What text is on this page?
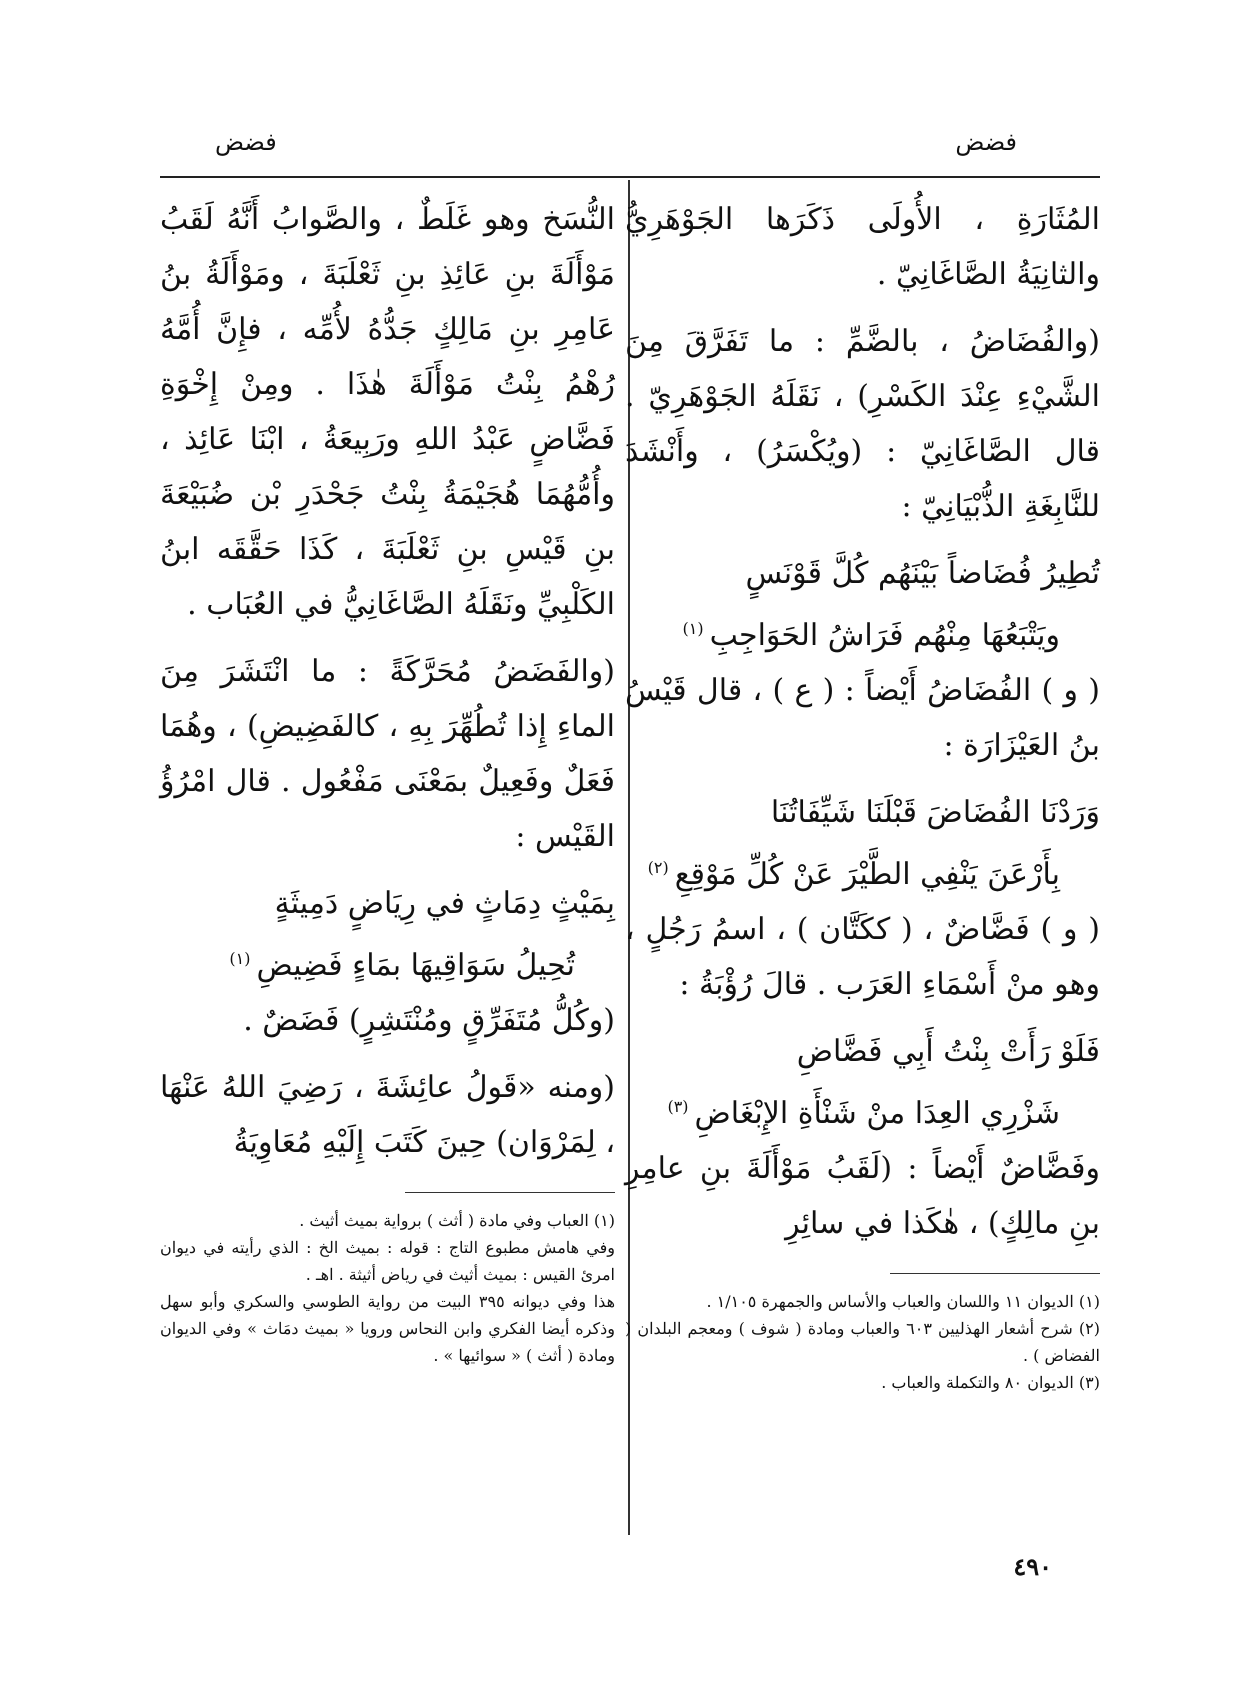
فضض
فضض

المُثَارَةِ ، الأُولَى ذَكَرَها الجَوْهَرِيُّ والثانِيَةُ الصَّاغَانِيّ .

(والفُضَاضُ ، بالضَّمِّ : ما تَفَرَّقَ مِنَ الشَّيْءِ عِنْدَ الكَسْرِ) ، نَقَلَهُ الجَوْهَرِيّ . قال الصَّاغَانِيّ : (ويُكْسَرُ) ، وأَنْشَدَ للنَّابِغَةِ الذُّبْيَانِيّ :

تُطِيرُ فُضَاضاً بَيْنَهُم كُلَّ قَوْنَسٍ
ويَتْبَعُهَا مِنْهُم فَرَاشُ الحَوَاجِبِ$^{(١)}$

( و ) الفُضَاضُ أَيْضاً : ( ع ) ، قال قَيْسُ بنُ العَيْزَارَة :

وَرَدْنَا الفُضَاضَ قَبْلَنَا شَيِّفَاتُنَا
بِأَرْعَنَ يَنْفِي الطَّيْرَ عَنْ كُلِّ مَوْقِعِ$^{(٢)}$

( و ) فَضَّاضٌ ، ( ككَتَّان ) ، اسمُ رَجُلٍ ، وهو منْ أَسْمَاءِ العَرَب . قالَ رُؤْبَةُ :

فَلَوْ رَأَتْ بِنْتُ أَبِي فَضَّاضِ
شَزْرِي العِدَا منْ شَنْأَةِ الإِبْغَاضِ$^{(٣)}$

وفَضَّاضٌ أَيْضاً : (لَقَبُ مَوْأَلَةَ بنِ عامِرِ بنِ مالِكٍ) ، هٰكَذا في سائِرِ

(١) الديوان ١١ واللسان والعباب والأساس والجمهرة ١/١٠٥ .

(٢) شرح أشعار الهذليين ٦٠٣ والعباب ومادة ( شوف ) ومعجم البلدان ( الفضاض ) .

(٣) الديوان ٨٠ والتكملة والعباب .

النُّسَخ وهو غَلَطٌ ، والصَّوابُ أَنَّهُ لَقَبُ مَوْأَلَةَ بنِ عَائِذِ بنِ ثَعْلَبَةَ ، ومَوْأَلَةُ بنُ عَامِرِ بنِ مَالِكٍ جَدُّهُ لأُمِّه ، فإِنَّ أُمَّهُ رُهْمُ بِنْتُ مَوْأَلَةَ هٰذَا . ومِنْ إِخْوَةِ فَضَّاضٍ عَبْدُ اللهِ ورَبِيعَةُ ، ابْنَا عَائِذ ، وأُمُّهُمَا هُجَيْمَةُ بِنْتُ جَحْدَرِ بْن ضُبَيْعَةَ بنِ قَيْسِ بنِ ثَعْلَبَةَ ، كَذَا حَقَّقَه ابنُ الكَلْبِيِّ ونَقَلَهُ الصَّاغَانِيُّ في العُبَاب .

(والفَضَضُ مُحَرَّكَةً : ما انْتَشَرَ مِنَ الماءِ إِذا تُطُهِّرَ بِهِ ، كالفَضِيضِ) ، وهُمَا فَعَلٌ وفَعِيلٌ بمَعْنَى مَفْعُول . قال امْرُؤُ القَيْس :

بِمَيْثٍ دِمَاثٍ في رِيَاضٍ دَمِيثَةٍ
تُحِيلُ سَوَاقِيهَا بمَاءٍ فَضِيضِ$^{(١)}$

(وكُلُّ مُتَفَرِّقٍ ومُنْتَشِرٍ) فَضَضٌ .

(ومنه «قَولُ عائِشَةَ ، رَضِيَ اللهُ عَنْهَا ، لِمَرْوَان) حِينَ كَتَبَ إِلَيْهِ مُعَاوِيَةُ

(١) العباب وفي مادة ( أثث ) برواية بميث أثيث .

وفي هامش مطبوع التاج : قوله : بميث الخ : الذي رأيته في ديوان امرئ القيس : بميث أثيث في رياض أثيثة . اهـ .

هذا وفي ديوانه ٣٩٥ البيت من رواية الطوسي والسكري وأبو سهل وذكره أيضا الفكري وابن النحاس ورويا « بميث دمَاث » وفي الديوان ومادة ( أثث ) « سوائيها » .

٤٩٠
